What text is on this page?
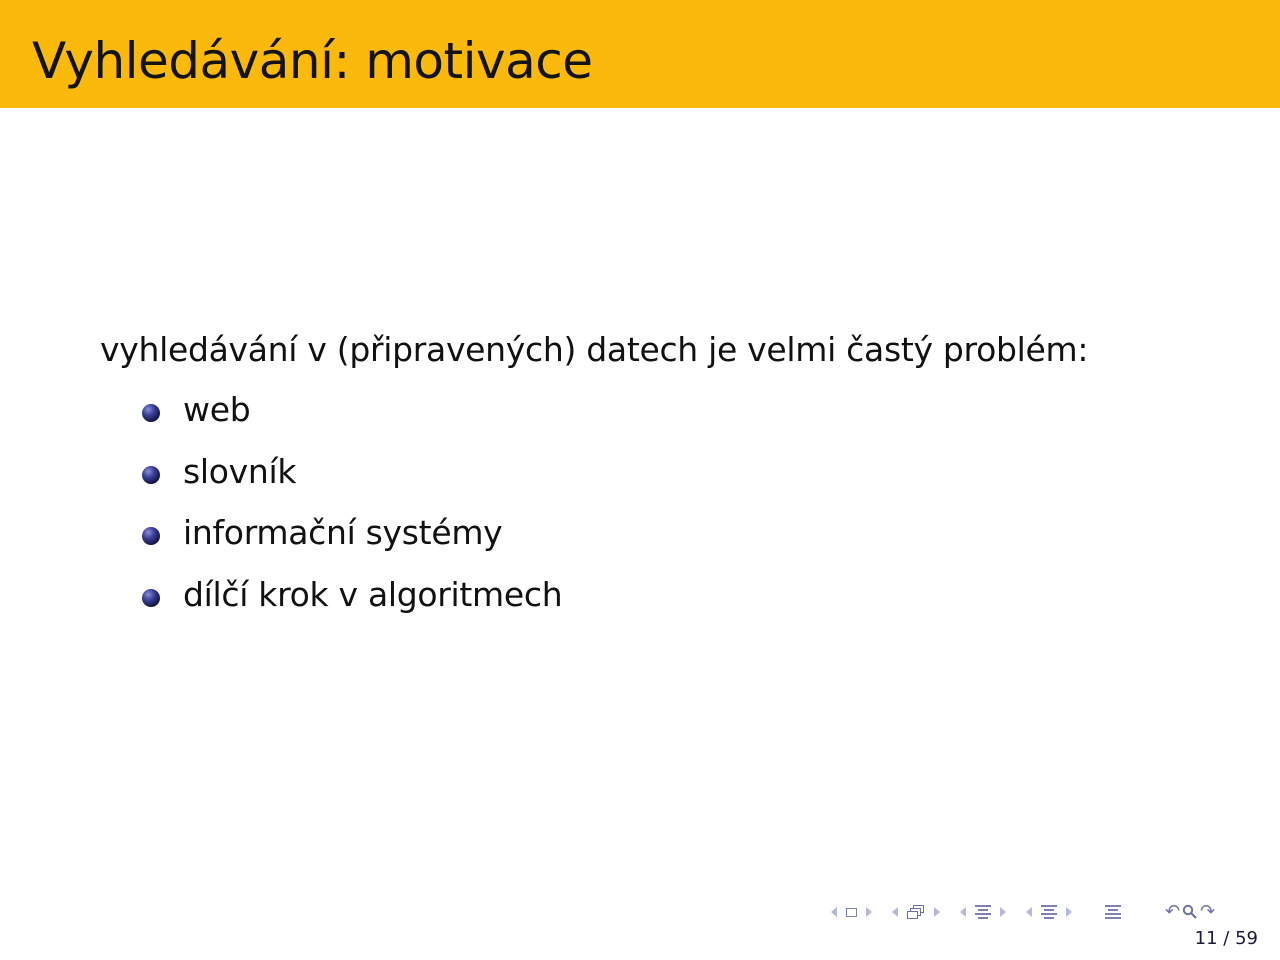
Vyhledávání: motivace

vyhledávání v (připravených) datech je velmi častý problém:

web
slovník
informační systémy
dílčí krok v algoritmech
↶ ↷
11 / 59
